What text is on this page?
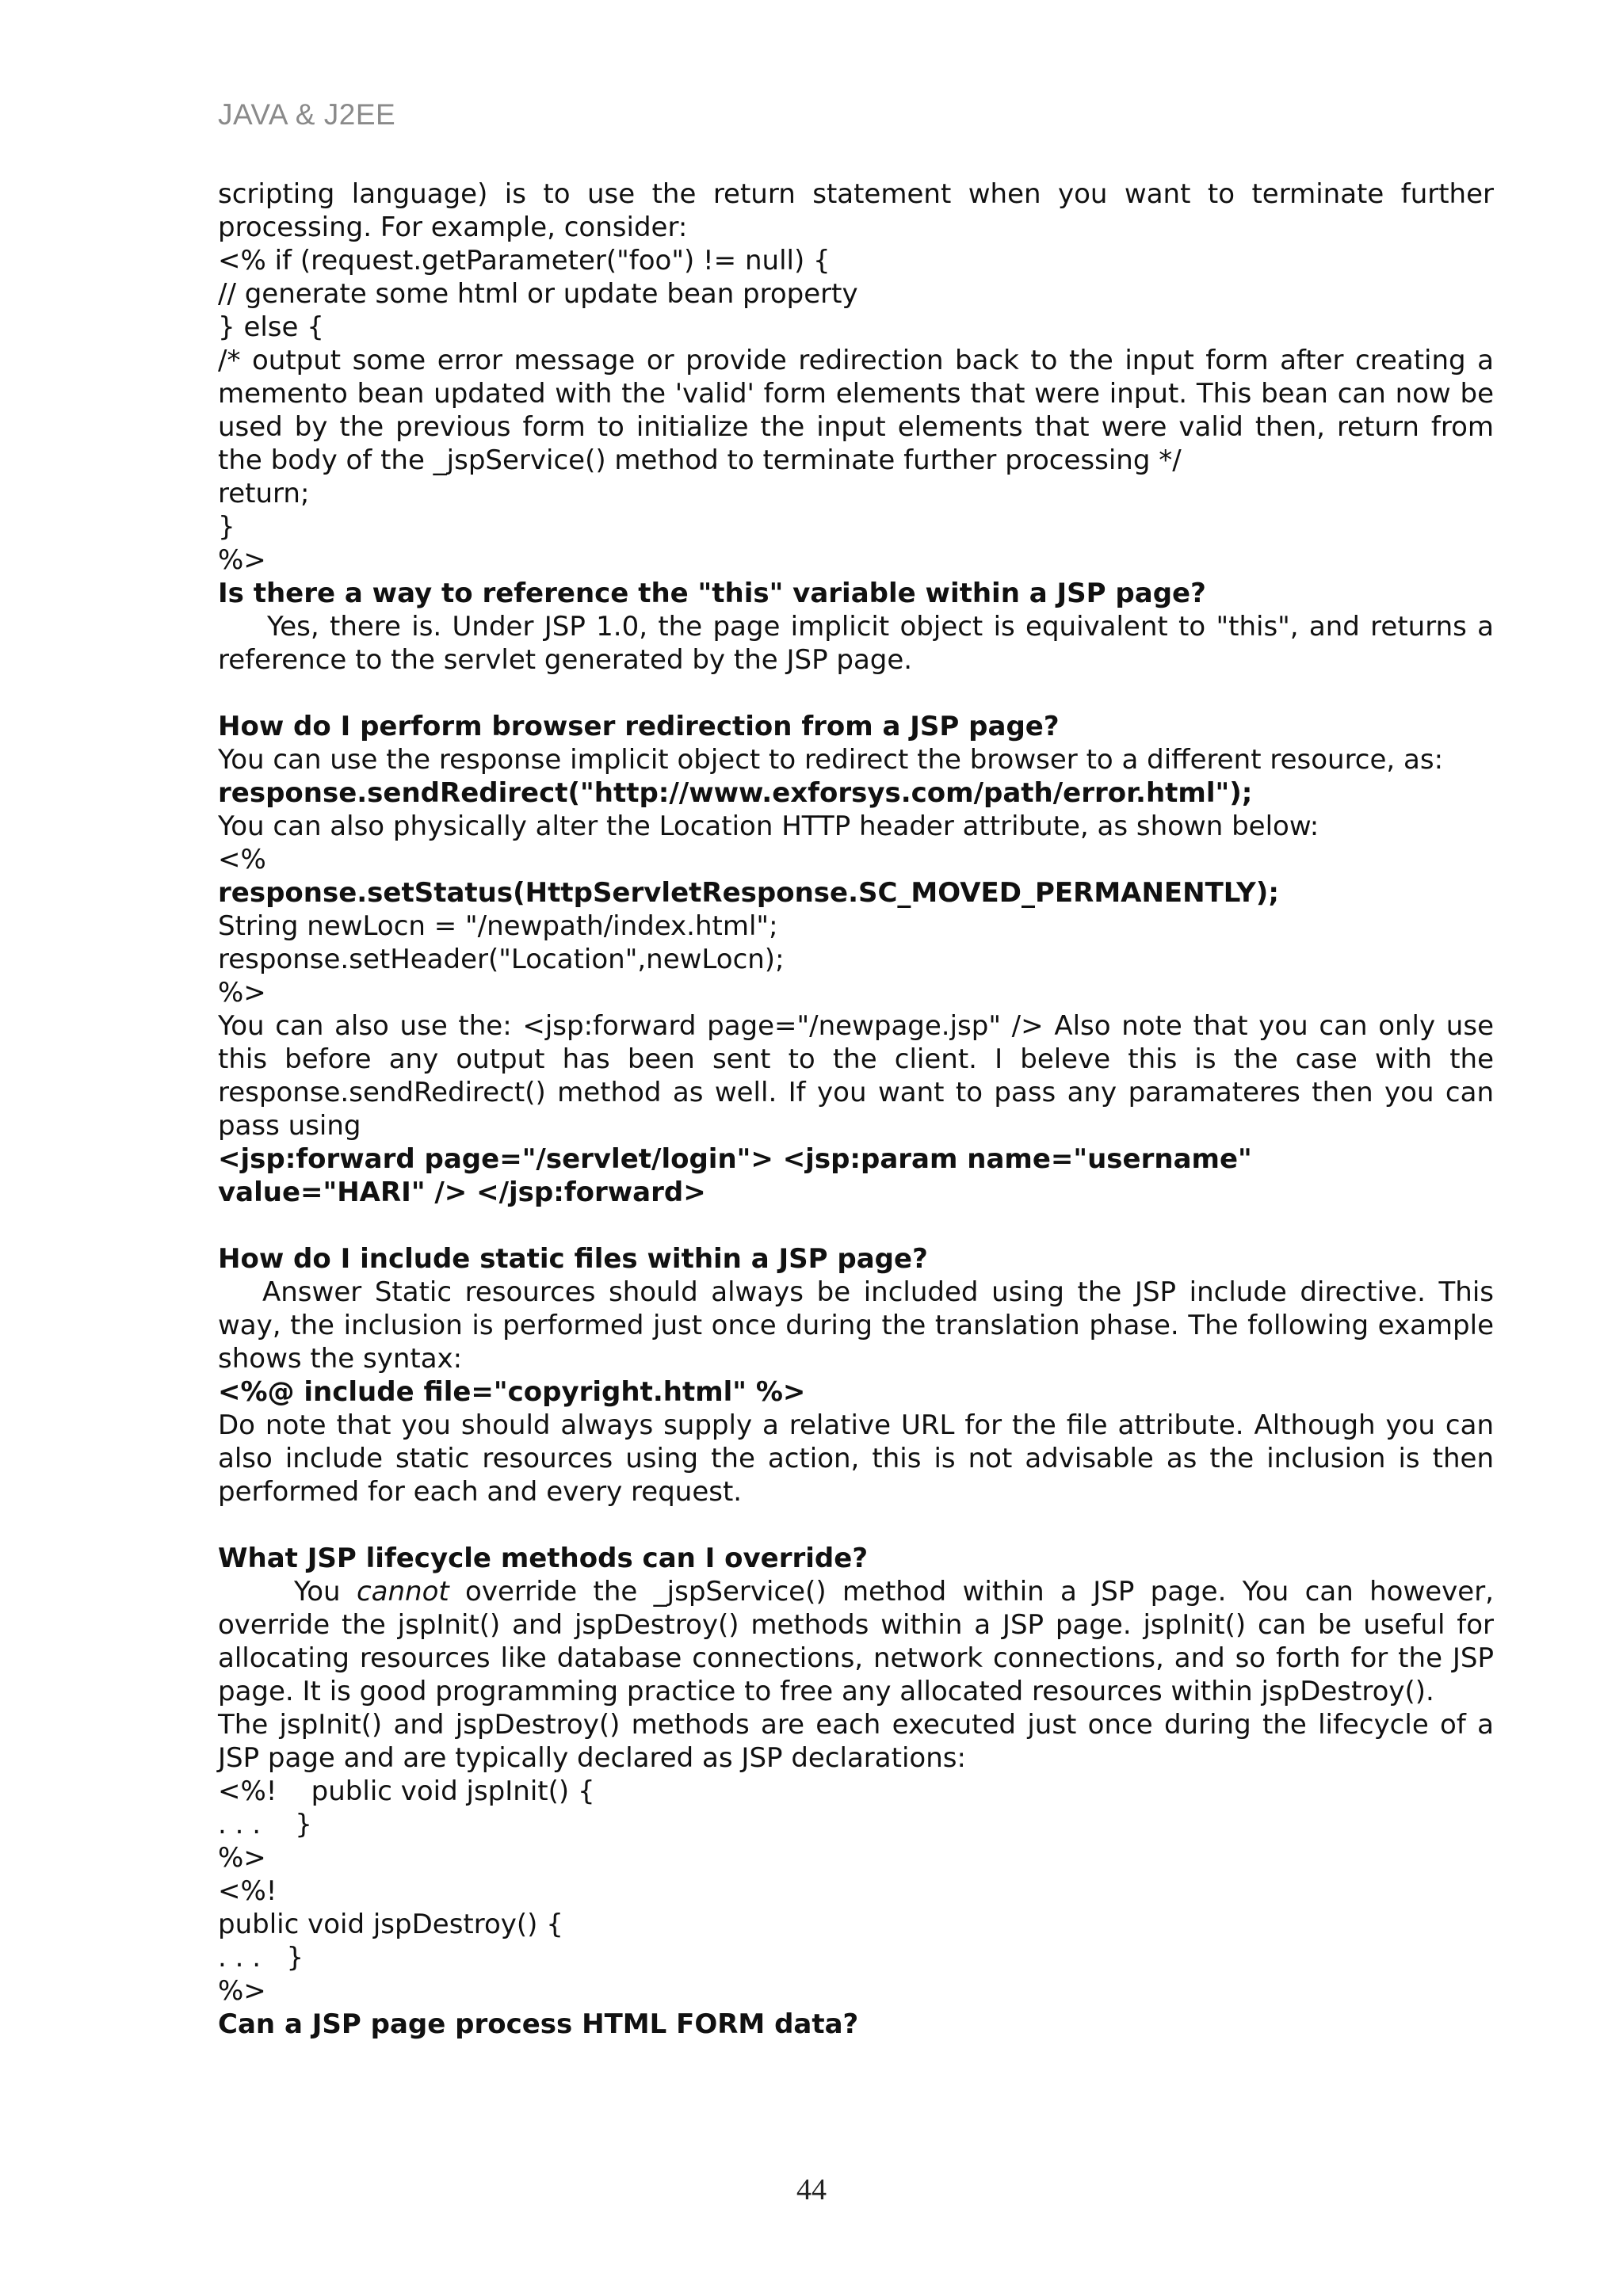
JAVA & J2EE

scripting language) is to use the return statement when you want to terminate further processing. For example, consider:

<% if (request.getParameter("foo") != null) {

// generate some html or update bean property

} else {

/* output some error message or provide redirection back to the input form after creating a memento bean updated with the 'valid' form elements that were input. This bean can now be used by the previous form to initialize the input elements that were valid then, return from the body of the _jspService() method to terminate further processing */

return;

}

%>

Is there a way to reference the "this" variable within a JSP page?

Yes, there is. Under JSP 1.0, the page implicit object is equivalent to "this", and returns a reference to the servlet generated by the JSP page.

How do I perform browser redirection from a JSP page?

You can use the response implicit object to redirect the browser to a different resource, as:

response.sendRedirect("http://www.exforsys.com/path/error.html");

You can also physically alter the Location HTTP header attribute, as shown below:

<%

response.setStatus(HttpServletResponse.SC_MOVED_PERMANENTLY);

String newLocn = "/newpath/index.html";

response.setHeader("Location",newLocn);

%>

You can also use the: <jsp:forward page="/newpage.jsp" /> Also note that you can only use this before any output has been sent to the client. I beleve this is the case with the response.sendRedirect() method as well. If you want to pass any paramateres then you can pass using

<jsp:forward page="/servlet/login"> <jsp:param name="username"

value="HARI" /> </jsp:forward>

How do I include static files within a JSP page?

Answer Static resources should always be included using the JSP include directive. This way, the inclusion is performed just once during the translation phase. The following example shows the syntax:

<%@ include file="copyright.html" %>

Do note that you should always supply a relative URL for the file attribute. Although you can also include static resources using the action, this is not advisable as the inclusion is then performed for each and every request.

What JSP lifecycle methods can I override?

You cannot override the _jspService() method within a JSP page. You can however, override the jspInit() and jspDestroy() methods within a JSP page. jspInit() can be useful for allocating resources like database connections, network connections, and so forth for the JSP page. It is good programming practice to free any allocated resources within jspDestroy().

The jspInit() and jspDestroy() methods are each executed just once during the lifecycle of a JSP page and are typically declared as JSP declarations:

<%!    public void jspInit() {

. . .    }

%>

<%!

public void jspDestroy() {

. . .   }

%>

Can a JSP page process HTML FORM data?

44
